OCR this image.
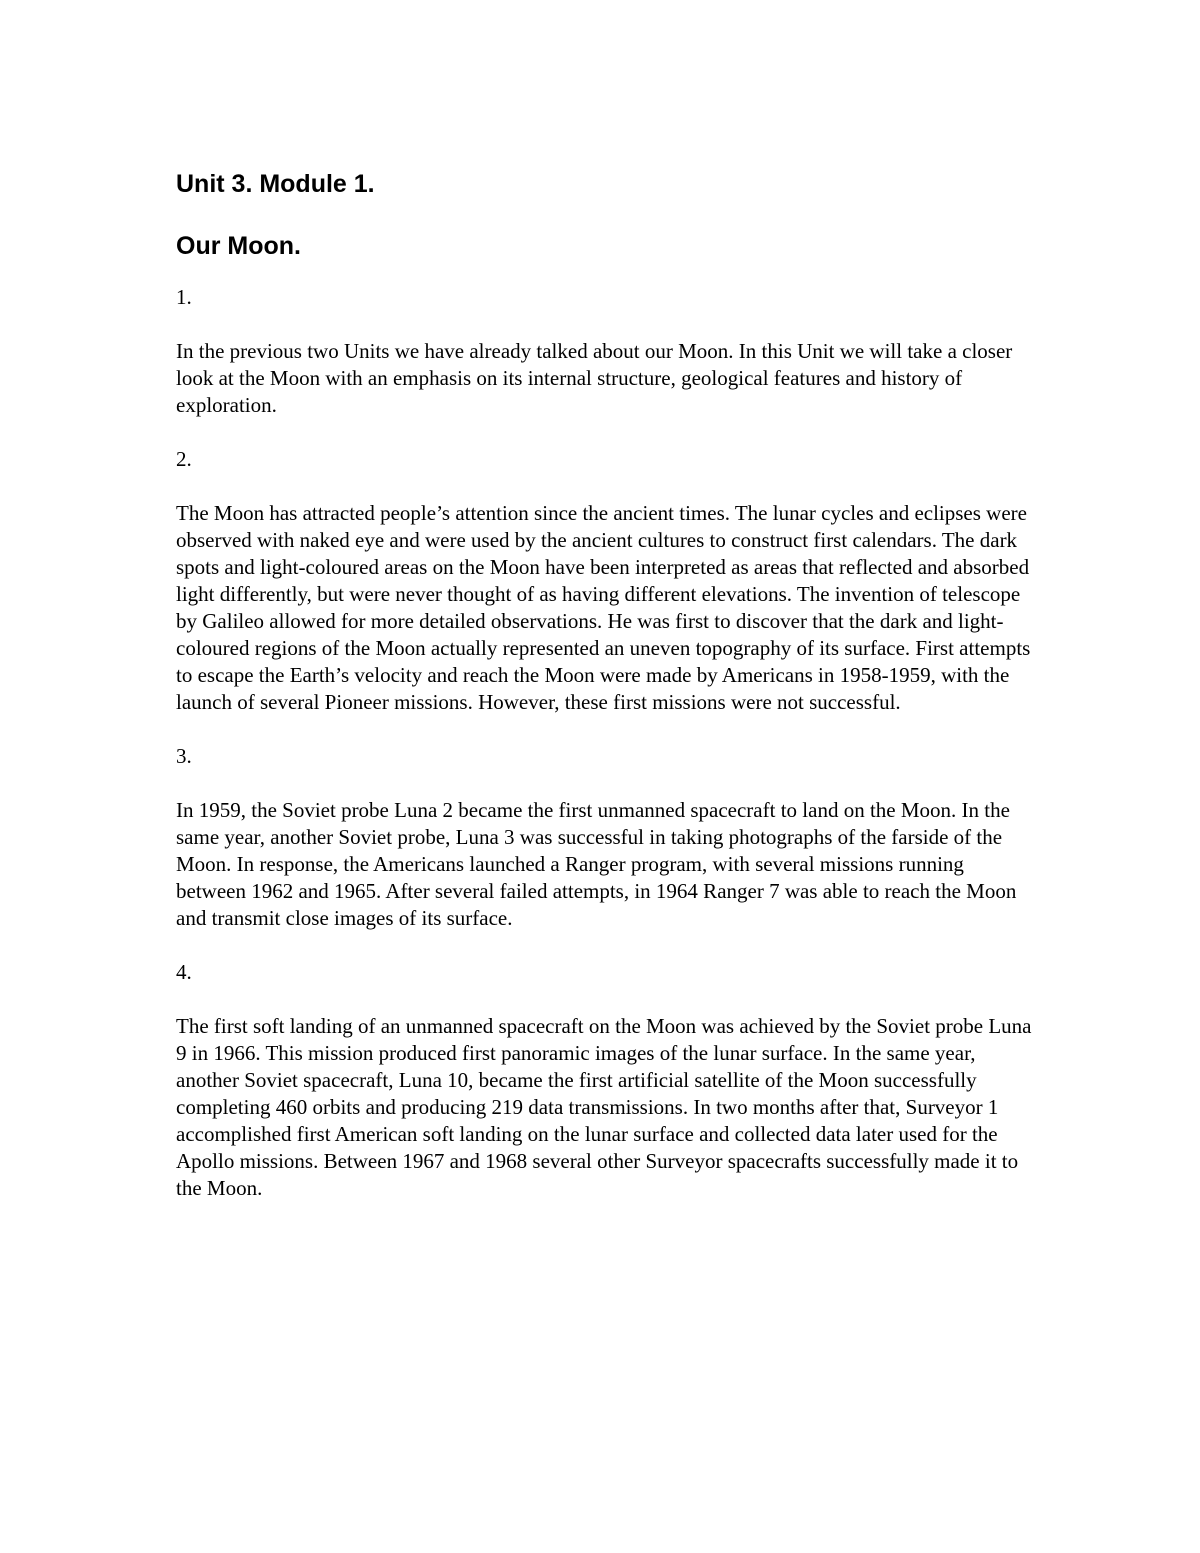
Unit 3. Module 1.
Our Moon.

1.

In the previous two Units we have already talked about our Moon. In this Unit we will take a closer look at the Moon with an emphasis on its internal structure, geological features and history of exploration.

2.

The Moon has attracted people’s attention since the ancient times. The lunar cycles and eclipses were observed with naked eye and were used by the ancient cultures to construct first calendars. The dark spots and light-coloured areas on the Moon have been interpreted as areas that reflected and absorbed light differently, but were never thought of as having different elevations. The invention of telescope by Galileo allowed for more detailed observations. He was first to discover that the dark and light-coloured regions of the Moon actually represented an uneven topography of its surface. First attempts to escape the Earth’s velocity and reach the Moon were made by Americans in 1958-1959, with the launch of several Pioneer missions. However, these first missions were not successful.

3.

In 1959, the Soviet probe Luna 2 became the first unmanned spacecraft to land on the Moon. In the same year, another Soviet probe, Luna 3 was successful in taking photographs of the farside of the Moon. In response, the Americans launched a Ranger program, with several missions running between 1962 and 1965. After several failed attempts, in 1964 Ranger 7 was able to reach the Moon and transmit close images of its surface.

4.

The first soft landing of an unmanned spacecraft on the Moon was achieved by the Soviet probe Luna 9 in 1966. This mission produced first panoramic images of the lunar surface. In the same year, another Soviet spacecraft, Luna 10, became the first artificial satellite of the Moon successfully completing 460 orbits and producing 219 data transmissions. In two months after that, Surveyor 1 accomplished first American soft landing on the lunar surface and collected data later used for the Apollo missions. Between 1967 and 1968 several other Surveyor spacecrafts successfully made it to the Moon.
